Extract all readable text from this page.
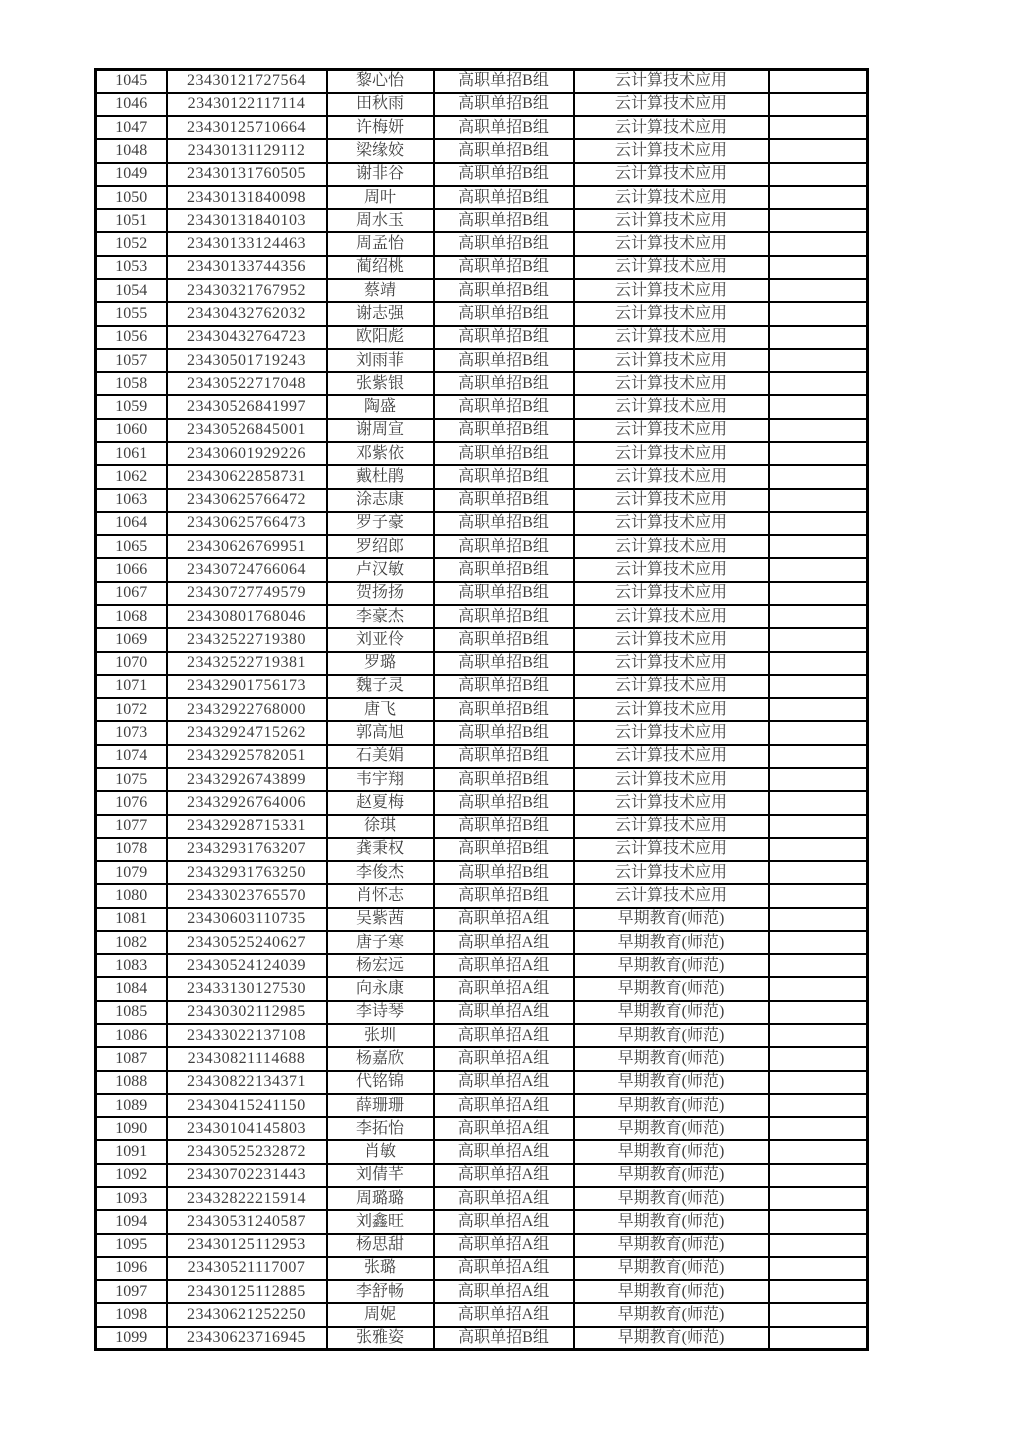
1045	23430121727564	黎心怡	高职单招B组	云计算技术应用	
1046	23430122117114	田秋雨	高职单招B组	云计算技术应用	
1047	23430125710664	许梅妍	高职单招B组	云计算技术应用	
1048	23430131129112	梁缘姣	高职单招B组	云计算技术应用	
1049	23430131760505	谢非谷	高职单招B组	云计算技术应用	
1050	23430131840098	周叶	高职单招B组	云计算技术应用	
1051	23430131840103	周水玉	高职单招B组	云计算技术应用	
1052	23430133124463	周孟怡	高职单招B组	云计算技术应用	
1053	23430133744356	蔺绍桃	高职单招B组	云计算技术应用	
1054	23430321767952	蔡靖	高职单招B组	云计算技术应用	
1055	23430432762032	谢志强	高职单招B组	云计算技术应用	
1056	23430432764723	欧阳彪	高职单招B组	云计算技术应用	
1057	23430501719243	刘雨菲	高职单招B组	云计算技术应用	
1058	23430522717048	张紫银	高职单招B组	云计算技术应用	
1059	23430526841997	陶盛	高职单招B组	云计算技术应用	
1060	23430526845001	谢周宣	高职单招B组	云计算技术应用	
1061	23430601929226	邓紫依	高职单招B组	云计算技术应用	
1062	23430622858731	戴杜鹃	高职单招B组	云计算技术应用	
1063	23430625766472	涂志康	高职单招B组	云计算技术应用	
1064	23430625766473	罗子豪	高职单招B组	云计算技术应用	
1065	23430626769951	罗绍郎	高职单招B组	云计算技术应用	
1066	23430724766064	卢汉敏	高职单招B组	云计算技术应用	
1067	23430727749579	贺扬扬	高职单招B组	云计算技术应用	
1068	23430801768046	李豪杰	高职单招B组	云计算技术应用	
1069	23432522719380	刘亚伶	高职单招B组	云计算技术应用	
1070	23432522719381	罗璐	高职单招B组	云计算技术应用	
1071	23432901756173	魏子灵	高职单招B组	云计算技术应用	
1072	23432922768000	唐飞	高职单招B组	云计算技术应用	
1073	23432924715262	郭高旭	高职单招B组	云计算技术应用	
1074	23432925782051	石美娟	高职单招B组	云计算技术应用	
1075	23432926743899	韦宇翔	高职单招B组	云计算技术应用	
1076	23432926764006	赵夏梅	高职单招B组	云计算技术应用	
1077	23432928715331	徐琪	高职单招B组	云计算技术应用	
1078	23432931763207	龚秉权	高职单招B组	云计算技术应用	
1079	23432931763250	李俊杰	高职单招B组	云计算技术应用	
1080	23433023765570	肖怀志	高职单招B组	云计算技术应用	
1081	23430603110735	吴紫茜	高职单招A组	早期教育(师范)	
1082	23430525240627	唐子寒	高职单招A组	早期教育(师范)	
1083	23430524124039	杨宏远	高职单招A组	早期教育(师范)	
1084	23433130127530	向永康	高职单招A组	早期教育(师范)	
1085	23430302112985	李诗琴	高职单招A组	早期教育(师范)	
1086	23433022137108	张圳	高职单招A组	早期教育(师范)	
1087	23430821114688	杨嘉欣	高职单招A组	早期教育(师范)	
1088	23430822134371	代铭锦	高职单招A组	早期教育(师范)	
1089	23430415241150	薛珊珊	高职单招A组	早期教育(师范)	
1090	23430104145803	李拓怡	高职单招A组	早期教育(师范)	
1091	23430525232872	肖敏	高职单招A组	早期教育(师范)	
1092	23430702231443	刘倩芊	高职单招A组	早期教育(师范)	
1093	23432822215914	周璐璐	高职单招A组	早期教育(师范)	
1094	23430531240587	刘鑫旺	高职单招A组	早期教育(师范)	
1095	23430125112953	杨思甜	高职单招A组	早期教育(师范)	
1096	23430521117007	张璐	高职单招A组	早期教育(师范)	
1097	23430125112885	李舒畅	高职单招A组	早期教育(师范)	
1098	23430621252250	周妮	高职单招A组	早期教育(师范)	
1099	23430623716945	张雅姿	高职单招B组	早期教育(师范)	
